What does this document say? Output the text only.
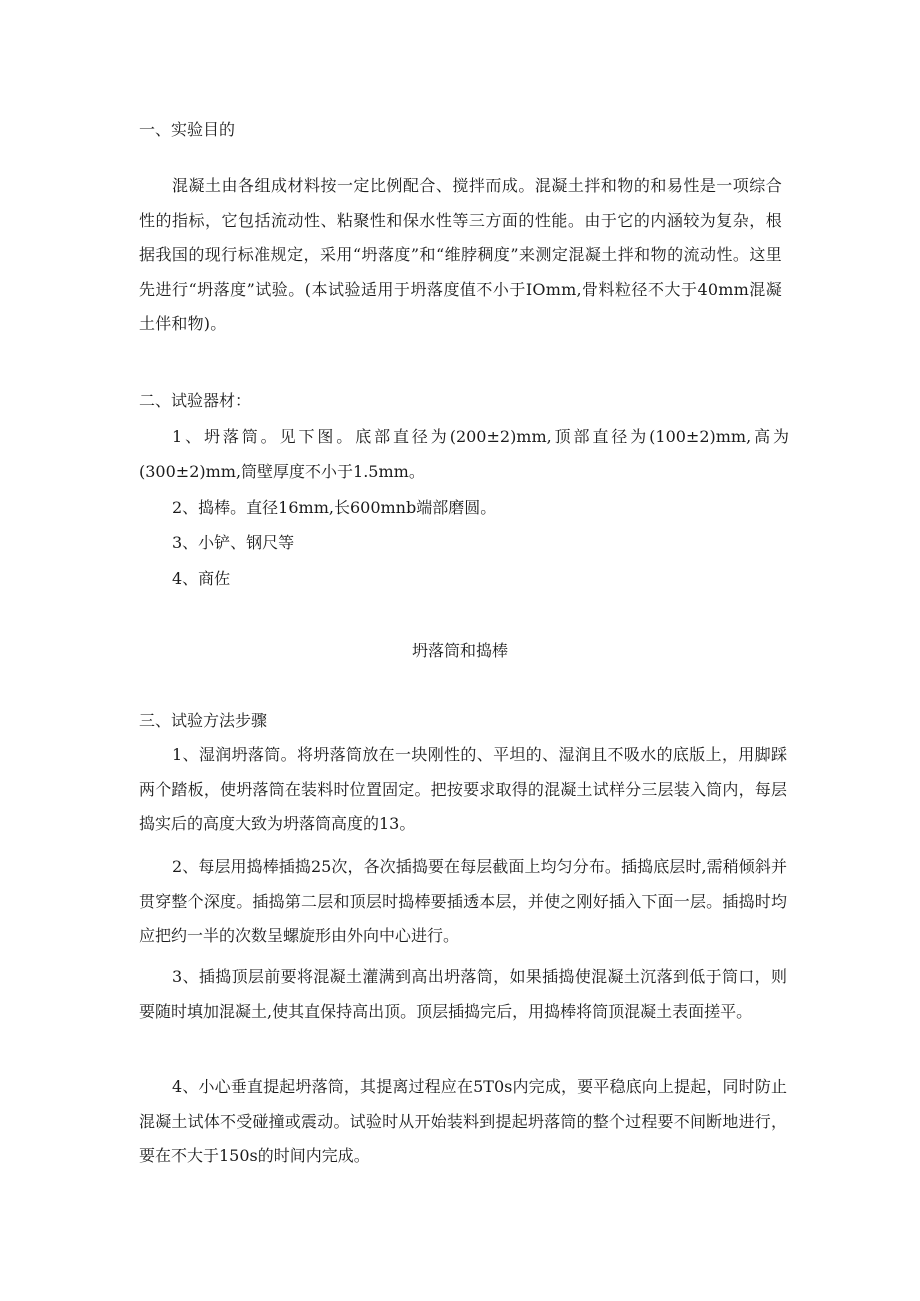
一、实验目的
混凝土由各组成材料按一定比例配合、搅拌而成。混凝土拌和物的和易性是一项综合性的指标，它包括流动性、粘聚性和保水性等三方面的性能。由于它的内涵较为复杂，根据我国的现行标准规定，采用“坍落度”和“维脖稠度”来测定混凝土拌和物的流动性。这里先进行“坍落度”试验。(本试验适用于坍落度值不小于IOmm,骨料粒径不大于40mm混凝土伴和物)。
二、试验器材：
1、坍落筒。见下图。底部直径为(200±2)mm,顶部直径为(100±2)mm,高为(300±2)mm,筒壁厚度不小于1.5mm。
2、捣棒。直径16mm,长600mnb端部磨圆。
3、小铲、钢尺等
4、商佐
坍落筒和捣棒
三、试验方法步骤
1、湿润坍落筒。将坍落筒放在一块刚性的、平坦的、湿润且不吸水的底版上，用脚踩两个踏板，使坍落筒在装料时位置固定。把按要求取得的混凝土试样分三层装入筒内，每层捣实后的高度大致为坍落筒高度的13。
2、每层用捣棒插捣25次，各次插捣要在每层截面上均匀分布。插捣底层时,需稍倾斜并贯穿整个深度。插捣第二层和顶层时捣棒要插透本层，并使之刚好插入下面一层。插捣时均应把约一半的次数呈螺旋形由外向中心进行。
3、插捣顶层前要将混凝土灌满到高出坍落筒，如果插捣使混凝土沉落到低于筒口，则要随时填加混凝土,使其直保持高出顶。顶层插捣完后，用捣棒将筒顶混凝土表面搓平。
4、小心垂直提起坍落筒，其提离过程应在5T0s内完成，要平稳底向上提起，同时防止混凝土试体不受碰撞或震动。试验时从开始装料到提起坍落筒的整个过程要不间断地进行，要在不大于150s的时间内完成。
